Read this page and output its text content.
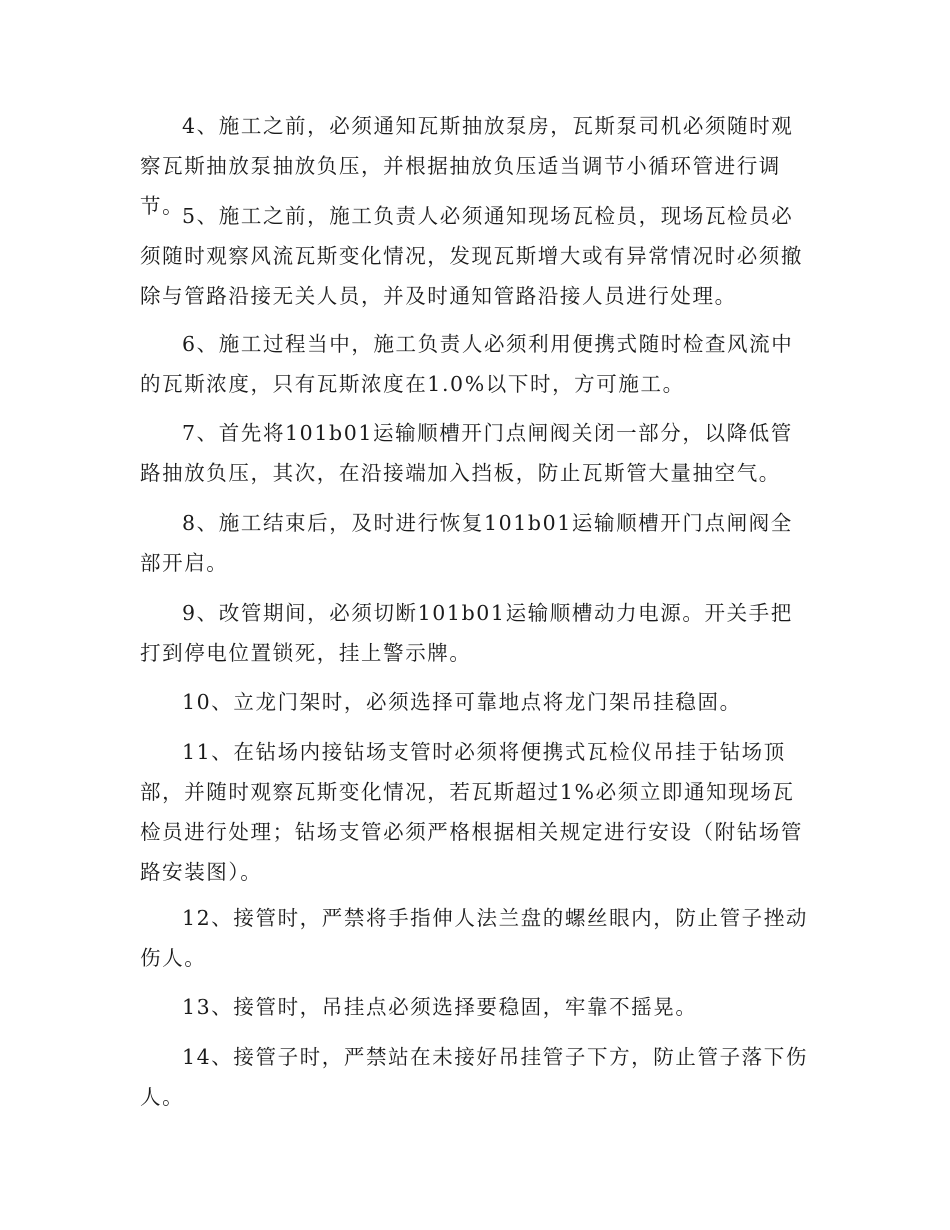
4、施工之前，必须通知瓦斯抽放泵房，瓦斯泵司机必须随时观察瓦斯抽放泵抽放负压，并根据抽放负压适当调节小循环管进行调节。

5、施工之前，施工负责人必须通知现场瓦检员，现场瓦检员必须随时观察风流瓦斯变化情况，发现瓦斯增大或有异常情况时必须撤除与管路沿接无关人员，并及时通知管路沿接人员进行处理。

6、施工过程当中，施工负责人必须利用便携式随时检查风流中的瓦斯浓度，只有瓦斯浓度在1.0%以下时，方可施工。

7、首先将101b01运输顺槽开门点闸阀关闭一部分，以降低管路抽放负压，其次，在沿接端加入挡板，防止瓦斯管大量抽空气。

8、施工结束后，及时进行恢复101b01运输顺槽开门点闸阀全部开启。

9、改管期间，必须切断101b01运输顺槽动力电源。开关手把打到停电位置锁死，挂上警示牌。

10、立龙门架时，必须选择可靠地点将龙门架吊挂稳固。

11、在钻场内接钻场支管时必须将便携式瓦检仪吊挂于钻场顶部，并随时观察瓦斯变化情况，若瓦斯超过1%必须立即通知现场瓦检员进行处理；钻场支管必须严格根据相关规定进行安设（附钻场管路安装图）。

12、接管时，严禁将手指伸人法兰盘的螺丝眼内，防止管子挫动伤人。

13、接管时，吊挂点必须选择要稳固，牢靠不摇晃。

14、接管子时，严禁站在未接好吊挂管子下方，防止管子落下伤人。
